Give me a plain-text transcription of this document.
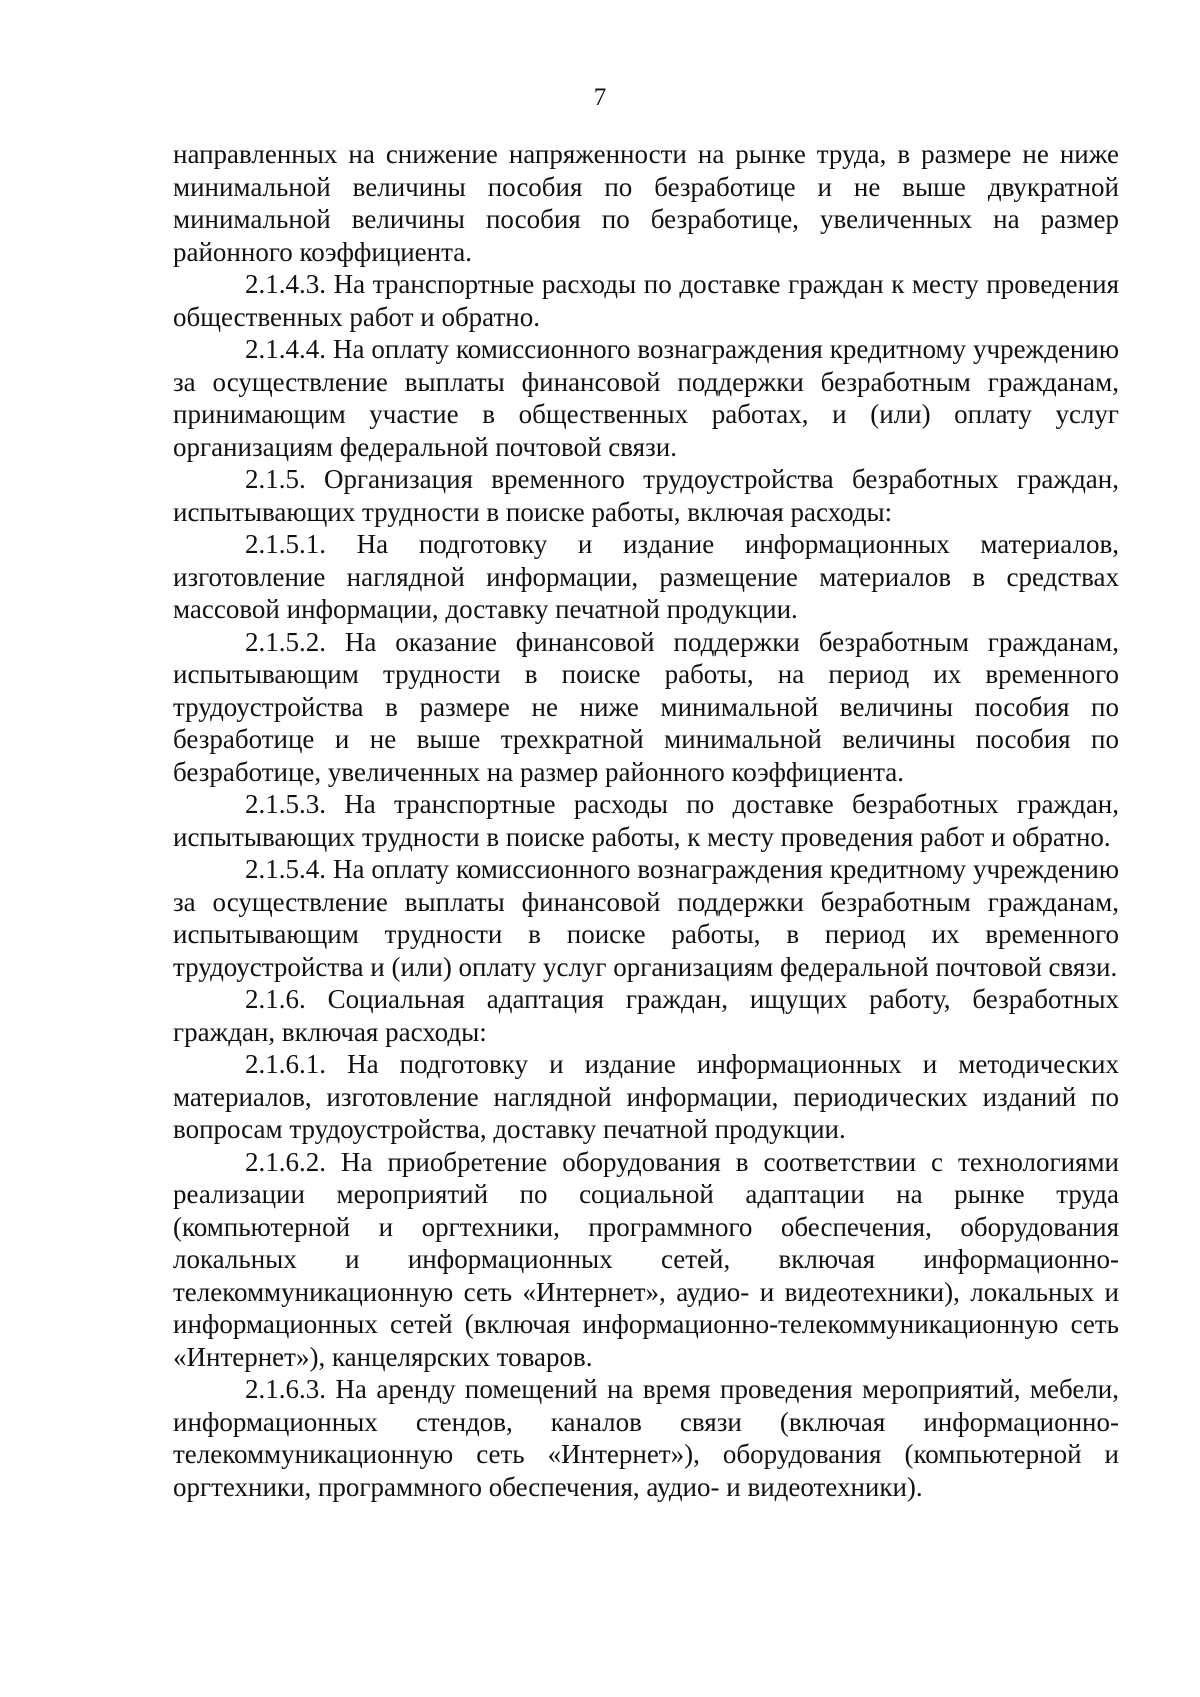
7

направленных на снижение напряженности на рынке труда, в размере не ниже минимальной величины пособия по безработице и не выше двукратной минимальной величины пособия по безработице, увеличенных на размер районного коэффициента.

2.1.4.3. На транспортные расходы по доставке граждан к месту проведения общественных работ и обратно.

2.1.4.4. На оплату комиссионного вознаграждения кредитному учреждению за осуществление выплаты финансовой поддержки безработным гражданам, принимающим участие в общественных работах, и (или) оплату услуг организациям федеральной почтовой связи.

2.1.5. Организация временного трудоустройства безработных граждан, испытывающих трудности в поиске работы, включая расходы:

2.1.5.1. На подготовку и издание информационных материалов, изготовление наглядной информации, размещение материалов в средствах массовой информации, доставку печатной продукции.

2.1.5.2. На оказание финансовой поддержки безработным гражданам, испытывающим трудности в поиске работы, на период их временного трудоустройства в размере не ниже минимальной величины пособия по безработице и не выше трехкратной минимальной величины пособия по безработице, увеличенных на размер районного коэффициента.

2.1.5.3. На транспортные расходы по доставке безработных граждан, испытывающих трудности в поиске работы, к месту проведения работ и обратно.

2.1.5.4. На оплату комиссионного вознаграждения кредитному учреждению за осуществление выплаты финансовой поддержки безработным гражданам, испытывающим трудности в поиске работы, в период их временного трудоустройства и (или) оплату услуг организациям федеральной почтовой связи.

2.1.6. Социальная адаптация граждан, ищущих работу, безработных граждан, включая расходы:

2.1.6.1. На подготовку и издание информационных и методических материалов, изготовление наглядной информации, периодических изданий по вопросам трудоустройства, доставку печатной продукции.

2.1.6.2. На приобретение оборудования в соответствии с технологиями реализации мероприятий по социальной адаптации на рынке труда (компьютерной и оргтехники, программного обеспечения, оборудования локальных и информационных сетей, включая информационно-телекоммуникационную сеть «Интернет», аудио- и видеотехники), локальных и информационных сетей (включая информационно-телекоммуникационную сеть «Интернет»), канцелярских товаров.

2.1.6.3. На аренду помещений на время проведения мероприятий, мебели, информационных стендов, каналов связи (включая информационно-телекоммуникационную сеть «Интернет»), оборудования (компьютерной и оргтехники, программного обеспечения, аудио- и видеотехники).
